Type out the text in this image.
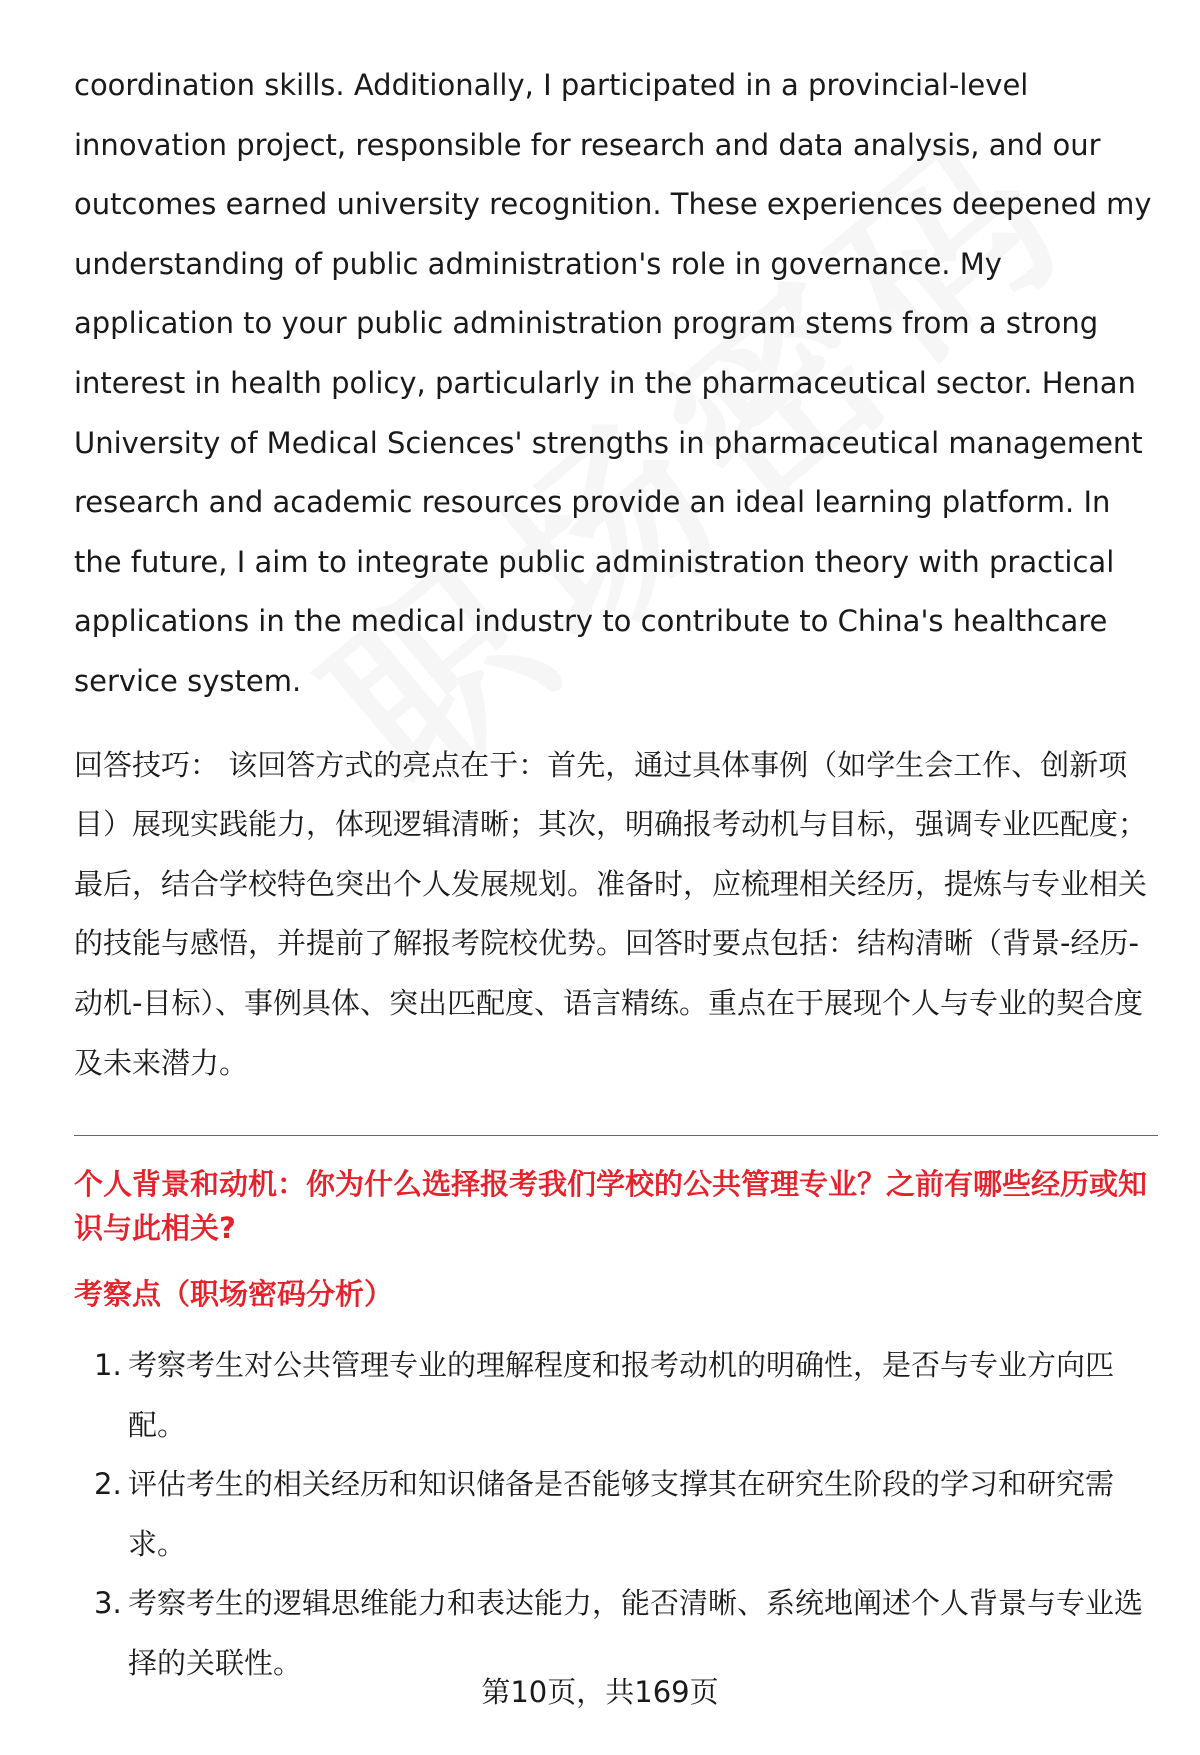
coordination skills. Additionally, I participated in a provincial-level innovation project, responsible for research and data analysis, and our outcomes earned university recognition. These experiences deepened my understanding of public administration's role in governance. My application to your public administration program stems from a strong interest in health policy, particularly in the pharmaceutical sector. Henan University of Medical Sciences' strengths in pharmaceutical management research and academic resources provide an ideal learning platform. In the future, I aim to integrate public administration theory with practical applications in the medical industry to contribute to China's healthcare service system.

回答技巧： 该回答方式的亮点在于：首先，通过具体事例（如学生会工作、创新项目）展现实践能力，体现逻辑清晰；其次，明确报考动机与目标，强调专业匹配度；最后，结合学校特色突出个人发展规划。准备时，应梳理相关经历，提炼与专业相关的技能与感悟，并提前了解报考院校优势。回答时要点包括：结构清晰（背景-经历-动机-目标）、事例具体、突出匹配度、语言精练。重点在于展现个人与专业的契合度及未来潜力。

个人背景和动机：你为什么选择报考我们学校的公共管理专业？之前有哪些经历或知识与此相关?

考察点（职场密码分析）

1. 考察考生对公共管理专业的理解程度和报考动机的明确性，是否与专业方向匹配。
2. 评估考生的相关经历和知识储备是否能够支撑其在研究生阶段的学习和研究需求。
3. 考察考生的逻辑思维能力和表达能力，能否清晰、系统地阐述个人背景与专业选择的关联性。
第10页，共169页
